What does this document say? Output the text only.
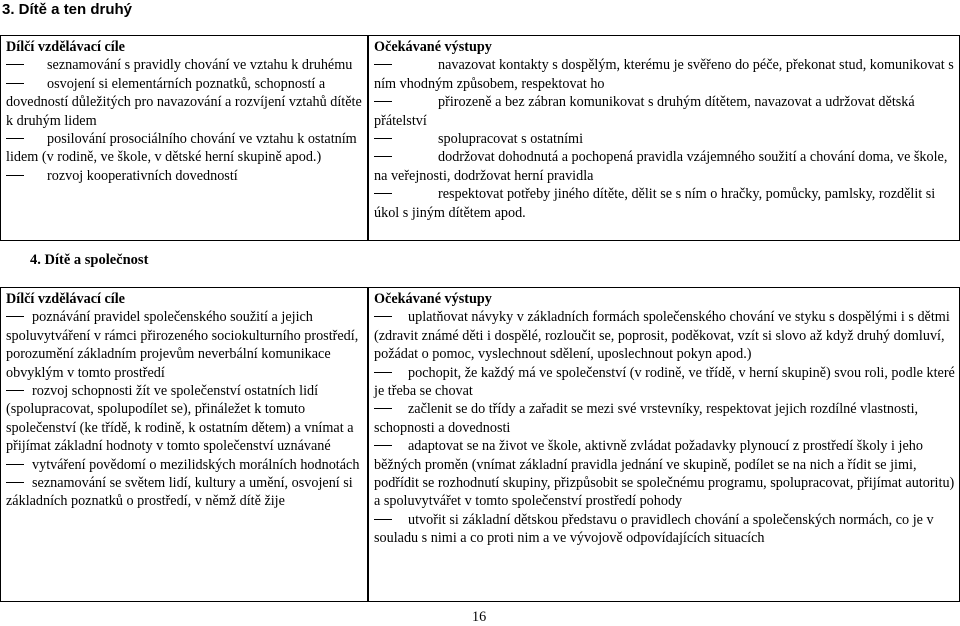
3. Dítě a ten druhý
Dílčí vzdělávací cíle
seznamování s pravidly chování ve vztahu k druhému
osvojení si elementárních poznatků, schopností a dovedností důležitých pro navazování a rozvíjení vztahů dítěte k druhým lidem
posilování prosociálního chování ve vztahu k ostatním lidem (v rodině, ve škole, v dětské herní skupině apod.)
rozvoj kooperativních dovedností
Očekávané výstupy
navazovat kontakty s dospělým, kterému je svěřeno do péče, překonat stud, komunikovat s ním vhodným způsobem, respektovat ho
přirozeně a bez zábran komunikovat s druhým dítětem, navazovat a udržovat dětská přátelství
spolupracovat s ostatními
dodržovat dohodnutá a pochopená pravidla vzájemného soužití a chování doma, ve škole, na veřejnosti, dodržovat herní pravidla
respektovat potřeby jiného dítěte, dělit se s ním o hračky, pomůcky, pamlsky, rozdělit si úkol s jiným dítětem apod.
4. Dítě a společnost
Dílčí vzdělávací cíle
poznávání pravidel společenského soužití a jejich spoluvytváření v rámci přirozeného sociokulturního prostředí, porozumění základním projevům neverbální komunikace obvyklým v tomto prostředí
rozvoj schopnosti žít ve společenství ostatních lidí (spolupracovat, spolupodílet se), přináležet k tomuto společenství (ke třídě, k rodině, k ostatním dětem) a vnímat a přijímat základní hodnoty v tomto společenství uznávané
vytváření povědomí o mezilidských morálních hodnotách
seznamování se světem lidí, kultury a umění, osvojení si základních poznatků o prostředí, v němž dítě žije
Očekávané výstupy
uplatňovat návyky v základních formách společenského chování ve styku s dospělými i s dětmi (zdravit známé děti i dospělé, rozloučit se, poprosit, poděkovat, vzít si slovo až když druhý domluví, požádat o pomoc, vyslechnout sdělení, uposlechnout pokyn apod.)
pochopit, že každý má ve společenství (v rodině, ve třídě, v herní skupině) svou roli, podle které je třeba se chovat
začlenit se do třídy a zařadit se mezi své vrstevníky, respektovat jejich rozdílné vlastnosti, schopnosti a dovednosti
adaptovat se na život ve škole, aktivně zvládat požadavky plynoucí z prostředí školy i jeho běžných proměn (vnímat základní pravidla jednání ve skupině, podílet se na nich a řídit se jimi, podřídit se rozhodnutí skupiny, přizpůsobit se společnému programu, spolupracovat, přijímat autoritu) a spoluvytvářet v tomto společenství prostředí pohody
utvořit si základní dětskou představu o pravidlech chování a společenských normách, co je v souladu s nimi a co proti nim a ve vývojově odpovídajících situacích
16
